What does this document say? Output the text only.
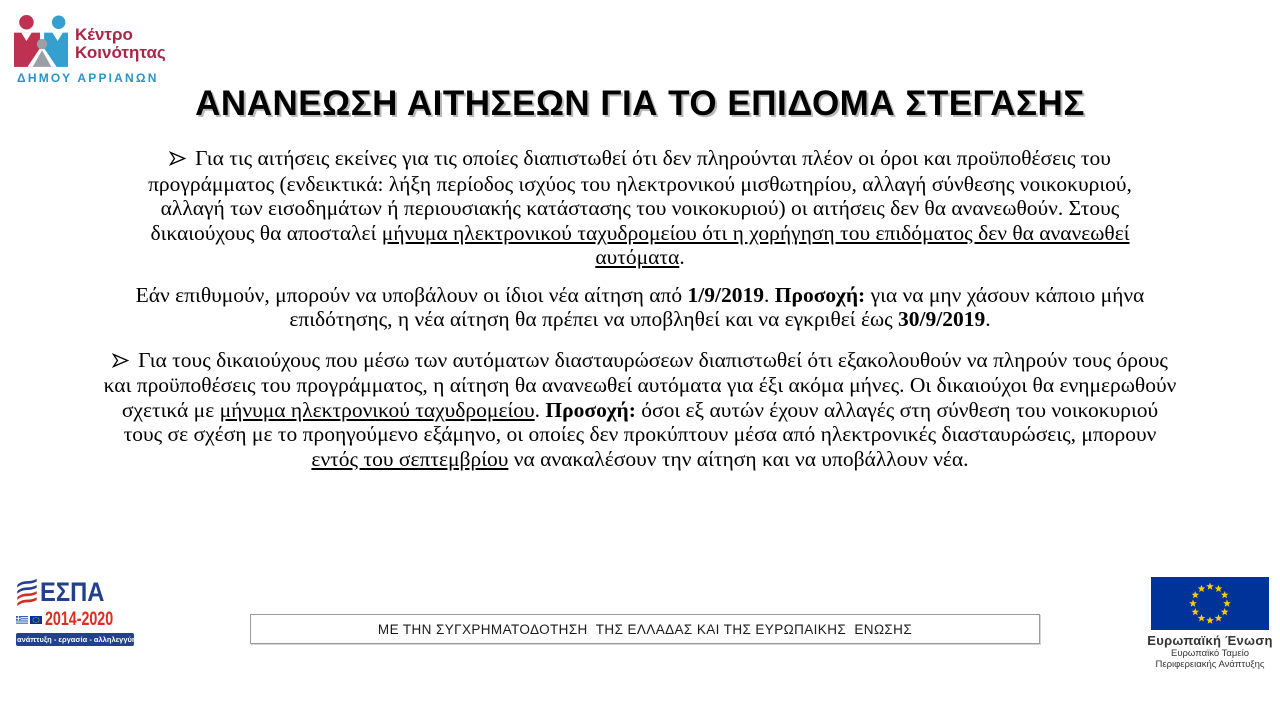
Κέντρο
Κοινότητας
ΔΗΜΟΥ ΑΡΡΙΑΝΩΝ
ΑΝΑΝΕΩΣΗ ΑΙΤΗΣΕΩΝ ΓΙΑ ΤΟ ΕΠΙΔΟΜΑ ΣΤΕΓΑΣΗΣ

Για τις αιτήσεις εκείνες για τις οποίες διαπιστωθεί ότι δεν πληρούνται πλέον οι όροι και προϋποθέσεις του προγράμματος (ενδεικτικά: λήξη περίοδος ισχύος του ηλεκτρονικού μισθωτηρίου, αλλαγή σύνθεσης νοικοκυριού, αλλαγή των εισοδημάτων ή περιουσιακής κατάστασης του νοικοκυριού) οι αιτήσεις δεν θα ανανεωθούν. Στους δικαιούχους θα αποσταλεί μήνυμα ηλεκτρονικού ταχυδρομείου ότι η χορήγηση του επιδόματος δεν θα ανανεωθεί αυτόματα.

Εάν επιθυμούν, μπορούν να υποβάλουν οι ίδιοι νέα αίτηση από 1/9/2019. Προσοχή: για να μην χάσουν κάποιο μήνα επιδότησης, η νέα αίτηση θα πρέπει να υποβληθεί και να εγκριθεί έως 30/9/2019.

Για τους δικαιούχους που μέσω των αυτόματων διασταυρώσεων διαπιστωθεί ότι εξακολουθούν να πληρούν τους όρους και προϋποθέσεις του προγράμματος, η αίτηση θα ανανεωθεί αυτόματα για έξι ακόμα μήνες. Οι δικαιούχοι θα ενημερωθούν σχετικά με μήνυμα ηλεκτρονικού ταχυδρομείου. Προσοχή: όσοι εξ αυτών έχουν αλλαγές στη σύνθεση του νοικοκυριού τους σε σχέση με το προηγούμενο εξάμηνο, οι οποίες δεν προκύπτουν μέσα από ηλεκτρονικές διασταυρώσεις, μπορουν εντός του σεπτεμβρίου να ανακαλέσουν την αίτηση και να υποβάλλουν νέα.

ΕΣΠΑ
2014-2020
ανάπτυξη - εργασία - αλληλεγγύη
ΜΕ ΤΗΝ ΣΥΓΧΡΗΜΑΤΟΔΟΤΗΣΗ  ΤΗΣ ΕΛΛΑΔΑΣ ΚΑΙ ΤΗΣ ΕΥΡΩΠΑΙΚΗΣ  ΕΝΩΣΗΣ
Ευρωπαϊκή Ένωση
Ευρωπαϊκό Ταμείο
Περιφερειακής Ανάπτυξης
